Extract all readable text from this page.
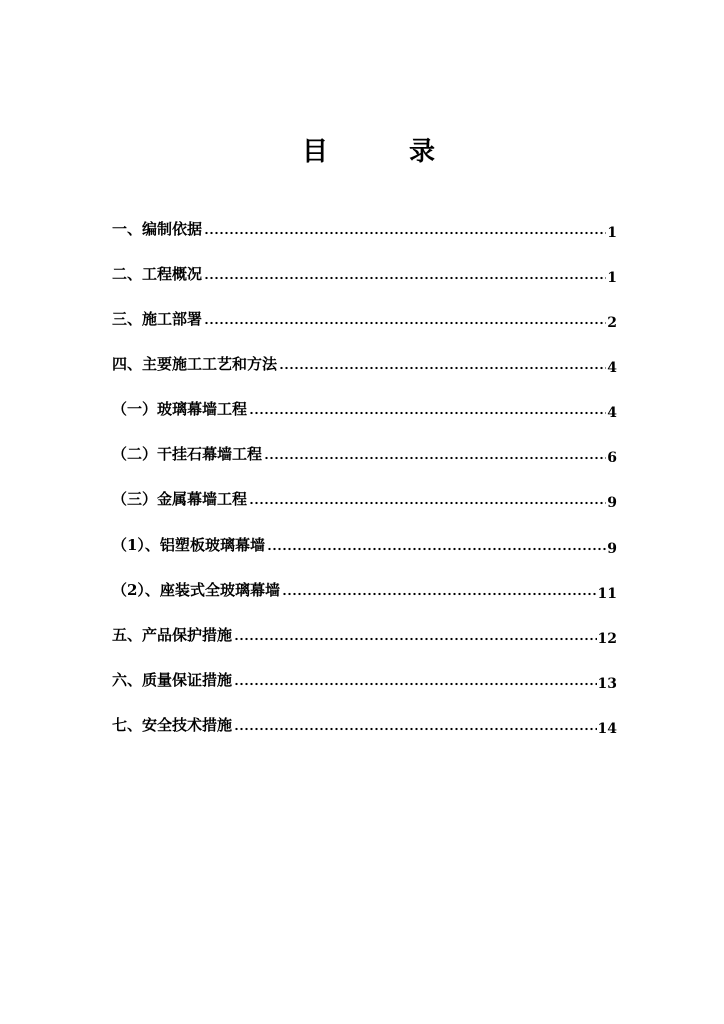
目	录
一、编制依据	1
二、工程概况	1
三、施工部署	2
四、主要施工工艺和方法	4
（一）玻璃幕墙工程	4
（二）干挂石幕墙工程	6
（三）金属幕墙工程	9
（1）、铝塑板玻璃幕墙	9
（2）、座装式全玻璃幕墙	11
五、产品保护措施	12
六、质量保证措施	13
七、安全技术措施	14
